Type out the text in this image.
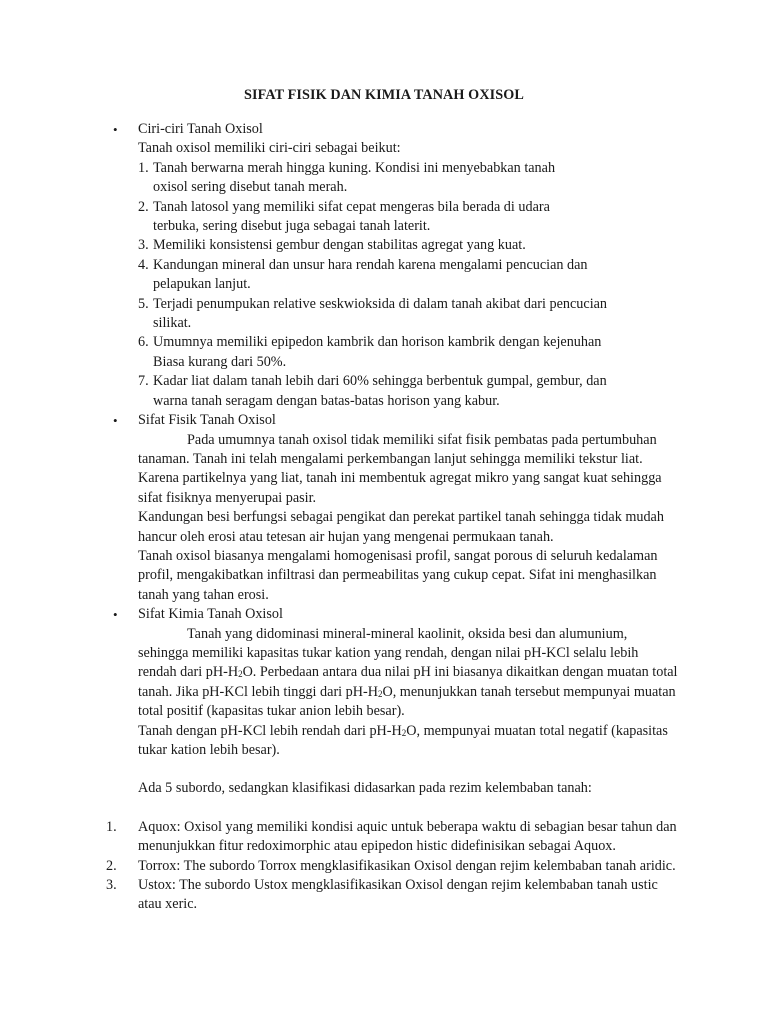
SIFAT FISIK DAN KIMIA TANAH OXISOL
• Ciri-ciri Tanah Oxisol
Tanah oxisol memiliki ciri-ciri sebagai beikut:
1. Tanah berwarna merah hingga kuning. Kondisi ini menyebabkan tanah
oxisol sering disebut tanah merah.
2. Tanah latosol yang memiliki sifat cepat mengeras bila berada di udara
terbuka, sering disebut juga sebagai tanah laterit.
3. Memiliki konsistensi gembur dengan stabilitas agregat yang kuat.
4. Kandungan mineral dan unsur hara rendah karena mengalami pencucian dan
pelapukan lanjut.
5. Terjadi penumpukan relative seskwioksida di dalam tanah akibat dari pencucian
silikat.
6. Umumnya memiliki epipedon kambrik dan horison kambrik dengan kejenuhan
Biasa kurang dari 50%.
7. Kadar liat dalam tanah lebih dari 60% sehingga berbentuk gumpal, gembur, dan
warna tanah seragam dengan batas-batas horison yang kabur.
• Sifat Fisik Tanah Oxisol

Pada umumnya tanah oxisol tidak memiliki sifat fisik pembatas pada pertumbuhan tanaman. Tanah ini telah mengalami perkembangan lanjut sehingga memiliki tekstur liat. Karena partikelnya yang liat, tanah ini membentuk agregat mikro yang sangat kuat sehingga sifat fisiknya menyerupai pasir.

Kandungan besi berfungsi sebagai pengikat dan perekat partikel tanah sehingga tidak mudah hancur oleh erosi atau tetesan air hujan yang mengenai permukaan tanah.

Tanah oxisol biasanya mengalami homogenisasi profil, sangat porous di seluruh kedalaman profil, mengakibatkan infiltrasi dan permeabilitas yang cukup cepat. Sifat ini menghasilkan tanah yang tahan erosi.

• Sifat Kimia Tanah Oxisol

Tanah yang didominasi mineral-mineral kaolinit, oksida besi dan alumunium, sehingga memiliki kapasitas tukar kation yang rendah, dengan nilai pH-KCl selalu lebih rendah dari $pH-H_2O$. Perbedaan antara dua nilai pH ini biasanya dikaitkan dengan muatan total tanah. Jika pH-KCl lebih tinggi dari $pH-H_2O$, menunjukkan tanah tersebut mempunyai muatan total positif (kapasitas tukar anion lebih besar).

Tanah dengan pH-KCl lebih rendah dari $pH-H_2O$, mempunyai muatan total negatif (kapasitas tukar kation lebih besar).

Ada 5 subordo, sedangkan klasifikasi didasarkan pada rezim kelembaban tanah:
1. Aquox: Oxisol yang memiliki kondisi aquic untuk beberapa waktu di sebagian besar tahun dan menunjukkan fitur redoximorphic atau epipedon histic didefinisikan sebagai Aquox.
2. Torrox: The subordo Torrox mengklasifikasikan Oxisol dengan rejim kelembaban tanah aridic.
3. Ustox: The subordo Ustox mengklasifikasikan Oxisol dengan rejim kelembaban tanah ustic atau xeric.
